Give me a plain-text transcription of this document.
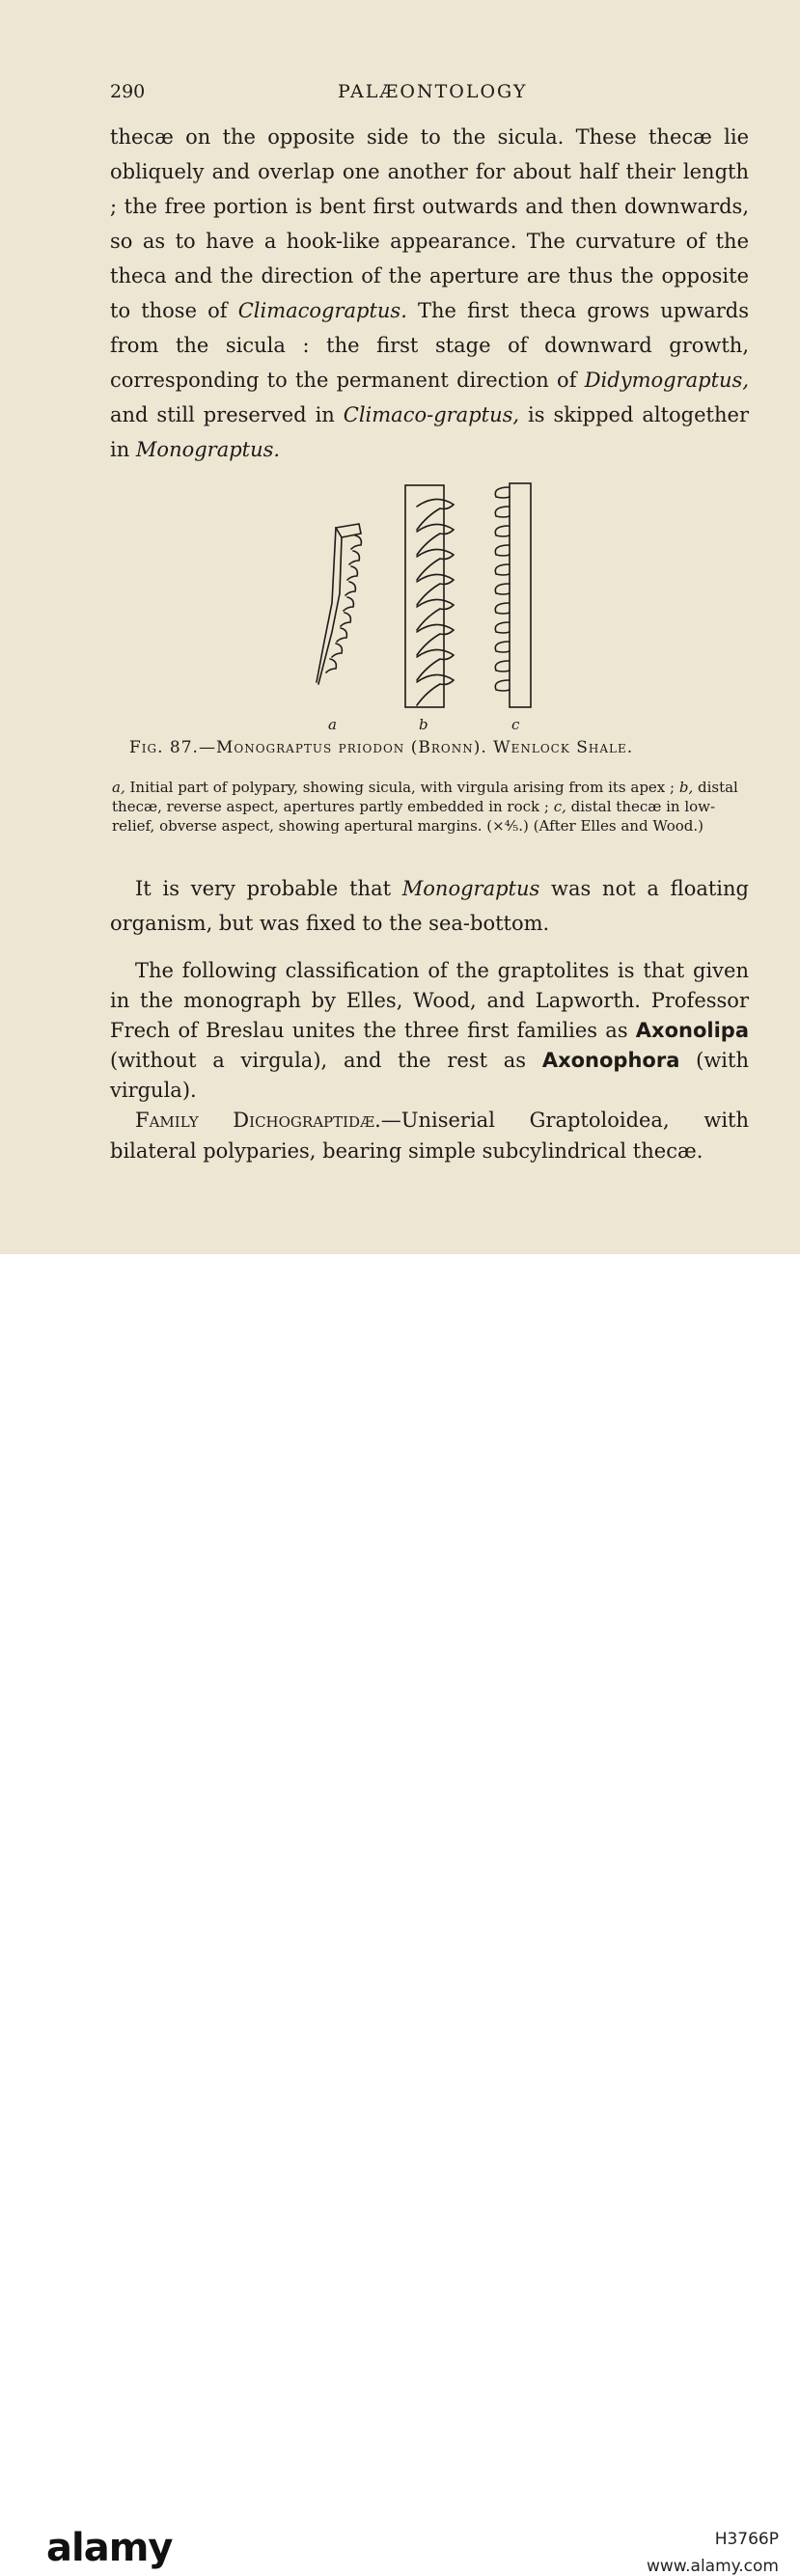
290	PALÆONTOLOGY

thecæ on the opposite side to the sicula. These thecæ lie obliquely and overlap one another for about half their length ; the free portion is bent first outwards and then downwards, so as to have a hook-like appearance. The curvature of the theca and the direction of the aperture are thus the opposite to those of Climacograptus. The first theca grows upwards from the sicula : the first stage of downward growth, corresponding to the permanent direction of Didymograptus, and still preserved in Climaco-graptus, is skipped altogether in Monograptus.

a	b	c
Fig. 87.—Monograptus priodon (Bronn). Wenlock Shale.

a, Initial part of polypary, showing sicula, with virgula arising from its apex ; b, distal thecæ, reverse aspect, apertures partly embedded in rock ; c, distal thecæ in low-relief, obverse aspect, showing apertural margins. (×⅘.) (After Elles and Wood.)

It is very probable that Monograptus was not a floating organism, but was fixed to the sea-bottom.

The following classification of the graptolites is that given in the monograph by Elles, Wood, and Lapworth. Professor Frech of Breslau unites the three first families as Axonolipa (without a virgula), and the rest as Axonophora (with virgula).

Family Dichograptidæ.—Uniserial Graptoloidea, with bilateral polyparies, bearing simple subcylindrical thecæ.

alamy	H3766P
www.alamy.com
